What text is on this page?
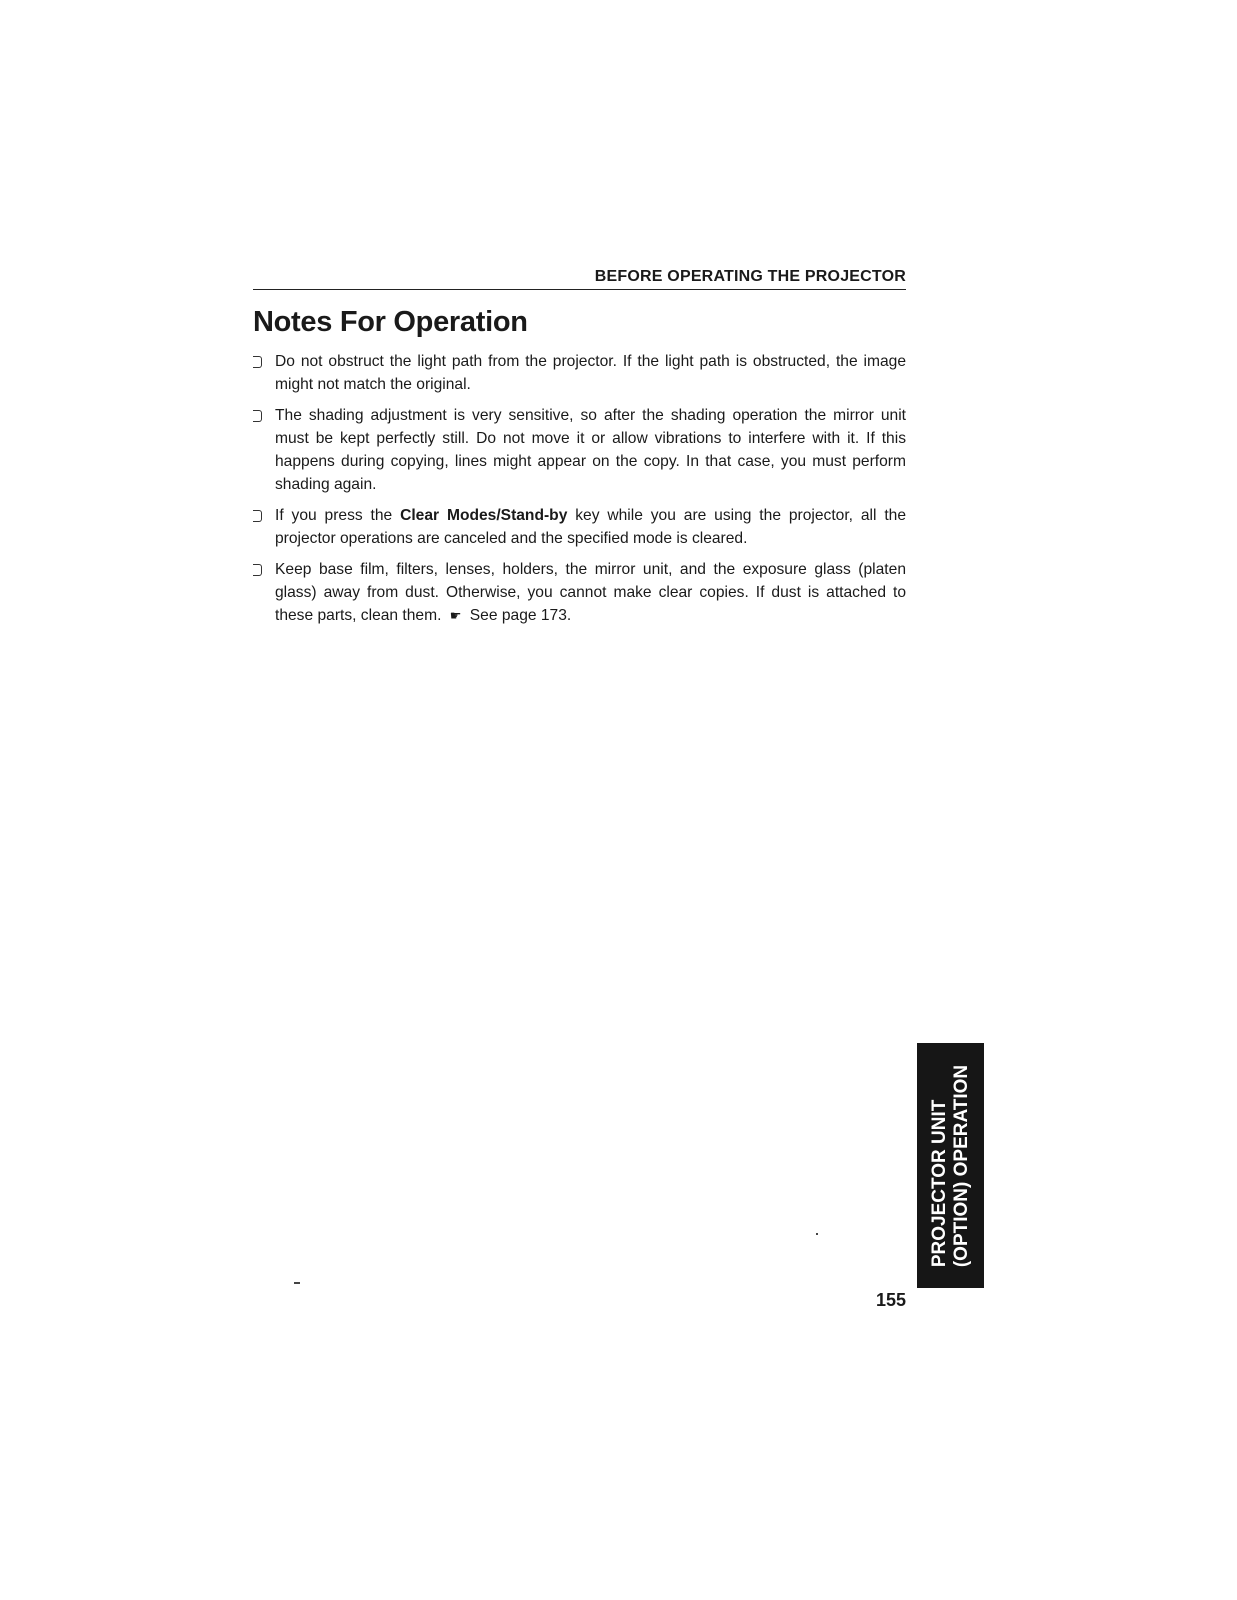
BEFORE OPERATING THE PROJECTOR
Notes For Operation
Do not obstruct the light path from the projector. If the light path is obstructed, the image might not match the original.
The shading adjustment is very sensitive, so after the shading operation the mirror unit must be kept perfectly still. Do not move it or allow vibrations to interfere with it. If this happens during copying, lines might appear on the copy. In that case, you must perform shading again.
If you press the Clear Modes/Stand-by key while you are using the projector, all the projector operations are canceled and the specified mode is cleared.
Keep base film, filters, lenses, holders, the mirror unit, and the exposure glass (platen glass) away from dust. Otherwise, you cannot make clear copies. If dust is attached to these parts, clean them. ☛ See page 173.
PROJECTOR UNIT (OPTION) OPERATION
155
